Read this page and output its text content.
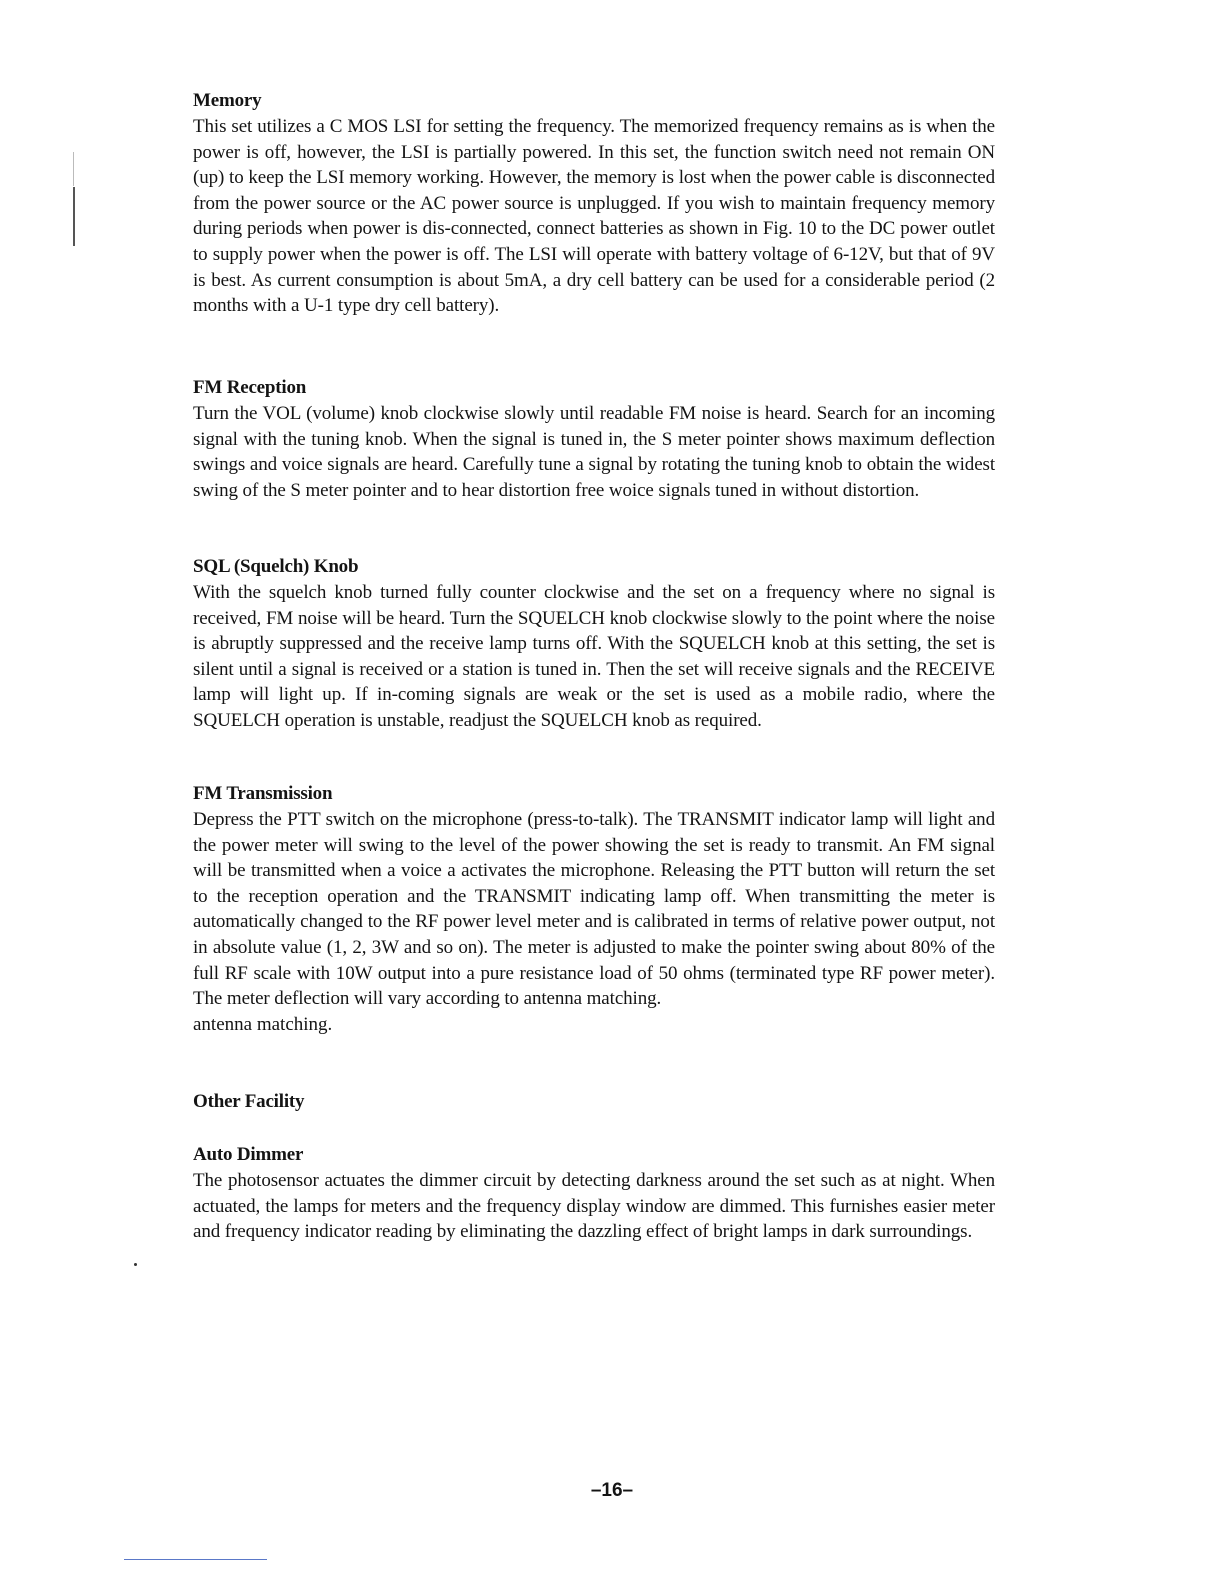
Memory

This set utilizes a C MOS LSI for setting the frequency. The memorized frequency remains as is when the power is off, however, the LSI is partially powered. In this set, the function switch need not remain ON (up) to keep the LSI memory working. However, the memory is lost when the power cable is disconnected from the power source or the AC power source is unplugged. If you wish to maintain frequency memory during periods when power is dis-connected, connect batteries as shown in Fig. 10 to the DC power outlet to supply power when the power is off. The LSI will operate with battery voltage of 6-12V, but that of 9V is best. As current consumption is about 5mA, a dry cell battery can be used for a considerable period (2 months with a U-1 type dry cell battery).

FM Reception

Turn the VOL (volume) knob clockwise slowly until readable FM noise is heard. Search for an incoming signal with the tuning knob. When the signal is tuned in, the S meter pointer shows maximum deflection swings and voice signals are heard. Carefully tune a signal by rotating the tuning knob to obtain the widest swing of the S meter pointer and to hear distortion free woice signals tuned in without distortion.

SQL (Squelch) Knob

With the squelch knob turned fully counter clockwise and the set on a frequency where no signal is received, FM noise will be heard. Turn the SQUELCH knob clockwise slowly to the point where the noise is abruptly suppressed and the receive lamp turns off. With the SQUELCH knob at this setting, the set is silent until a signal is received or a station is tuned in. Then the set will receive signals and the RECEIVE lamp will light up. If in-coming signals are weak or the set is used as a mobile radio, where the SQUELCH operation is unstable, readjust the SQUELCH knob as required.

FM Transmission

Depress the PTT switch on the microphone (press-to-talk). The TRANSMIT indicator lamp will light and the power meter will swing to the level of the power showing the set is ready to transmit. An FM signal will be transmitted when a voice a activates the microphone. Releasing the PTT button will return the set to the reception operation and the TRANSMIT indicating lamp off. When transmitting the meter is automatically changed to the RF power level meter and is calibrated in terms of relative power output, not in absolute value (1, 2, 3W and so on). The meter is adjusted to make the pointer swing about 80% of the full RF scale with 10W output into a pure resistance load of 50 ohms (terminated type RF power meter). The meter deflection will vary according to antenna matching.

antenna matching.

Other Facility

Auto Dimmer

The photosensor actuates the dimmer circuit by detecting darkness around the set such as at night. When actuated, the lamps for meters and the frequency display window are dimmed. This furnishes easier meter and frequency indicator reading by eliminating the dazzling effect of bright lamps in dark surroundings.

–16–
